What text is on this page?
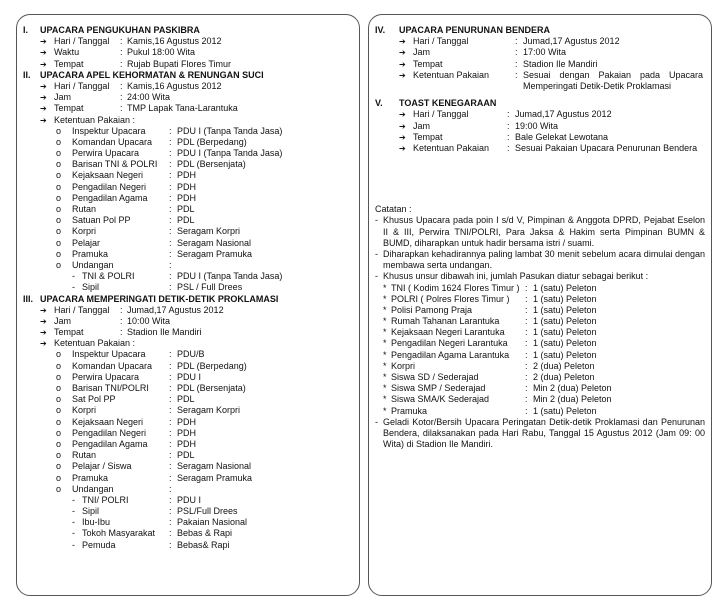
I. UPACARA PENGUKUHAN PASKIBRA
➔ Hari / Tanggal : Kamis,16 Agustus 2012
➔ Waktu	: Pukul 18:00 Wita
➔ Tempat	: Rujab Bupati Flores Timur
II. UPACARA APEL KEHORMATAN & RENUNGAN SUCI
➔ Hari / Tanggal : Kamis,16 Agustus 2012
➔ Jam	: 24:00 Wita
➔ Tempat	: TMP Lapak Tana-Larantuka
➔ Ketentuan Pakaian :
o Inspektur Upacara	: PDU I (Tanpa Tanda Jasa)
o Komandan Upacara : PDL (Berpedang)
o Perwira Upacara	: PDU I (Tanpa Tanda Jasa)
o Barisan TNI & POLRI : PDL (Bersenjata)
o Kejaksaan Negeri	: PDH
o Pengadilan Negeri	: PDH
o Pengadilan Agama : PDH
o Rutan	: PDL
o Satuan Pol PP	: PDL
o Korpri	: Seragam Korpri
o Pelajar	: Seragam Nasional
o Pramuka	: Seragam Pramuka
o Undangan	:
- TNI & POLRI	: PDU I (Tanpa Tanda Jasa)
- Sipil	: PSL / Full Drees
III. UPACARA MEMPERINGATI DETIK-DETIK PROKLAMASI
➔ Hari / Tanggal : Jumad,17 Agustus 2012
➔ Jam	: 10:00 Wita
➔ Tempat	: Stadion Ile Mandiri
➔ Ketentuan Pakaian :
o Inspektur Upacara	: PDU/B
o Komandan Upacara : PDL (Berpedang)
o Perwira Upacara	: PDU I
o Barisan TNI/POLRI : PDL (Bersenjata)
o Sat Pol PP	: PDL
o Korpri	: Seragam Korpri
o Kejaksaan Negeri	: PDH
o Pengadilan Negeri	: PDH
o Pengadilan Agama : PDH
o Rutan	: PDL
o Pelajar / Siswa	: Seragam Nasional
o Pramuka	: Seragam Pramuka
o Undangan	:
- TNI/ POLRI	: PDU I
- Sipil	: PSL/Full Drees
- Ibu-Ibu	: Pakaian Nasional
- Tokoh Masyarakat : Bebas & Rapi
- Pemuda	: Bebas& Rapi
IV. UPACARA PENURUNAN BENDERA
➔ Hari / Tanggal	: Jumad,17 Agustus 2012
➔ Jam	: 17:00 Wita
➔ Tempat	: Stadion Ile Mandiri
➔ Ketentuan Pakaian	: Sesuai dengan Pakaian pada Upacara Memperingati Detik-Detik Proklamasi
V. TOAST KENEGARAAN
➔ Hari / Tanggal	: Jumad,17 Agustus 2012
➔ Jam	: 19:00 Wita
➔ Tempat	: Bale Gelekat Lewotana
➔ Ketentuan Pakaian : Sesuai Pakaian Upacara Penurunan Bendera
Catatan :
- Khusus Upacara pada poin I s/d V, Pimpinan & Anggota DPRD, Pejabat Eselon II & III, Perwira TNI/POLRI, Para Jaksa & Hakim serta Pimpinan BUMN & BUMD, diharapkan untuk hadir bersama istri / suami.
- Diharapkan kehadirannya paling lambat 30 menit sebelum acara dimulai dengan membawa serta undangan.
- Khusus unsur dibawah ini, jumlah Pasukan diatur sebagai berikut :
* TNI ( Kodim 1624 Flores Timur ) : 1 (satu) Peleton
* POLRI ( Polres Flores Timur ) : 1 (satu) Peleton
* Polisi Pamong Praja	: 1 (satu) Peleton
* Rumah Tahanan Larantuka	: 1 (satu) Peleton
* Kejaksaan Negeri Larantuka : 1 (satu) Peleton
* Pengadilan Negeri Larantuka : 1 (satu) Peleton
* Pengadilan Agama Larantuka : 1 (satu) Peleton
* Korpri	: 2 (dua) Peleton
* Siswa SD / Sederajad	: 2 (dua) Peleton
* Siswa SMP / Sederajad	: Min 2 (dua) Peleton
* Siswa SMA/K Sederajad	: Min 2 (dua) Peleton
* Pramuka	: 1 (satu) Peleton
- Geladi Kotor/Bersih Upacara Peringatan Detik-detik Proklamasi dan Penurunan Bendera, dilaksanakan pada Hari Rabu, Tanggal 15 Agustus 2012 (Jam 09: 00 Wita) di Stadion Ile Mandiri.
